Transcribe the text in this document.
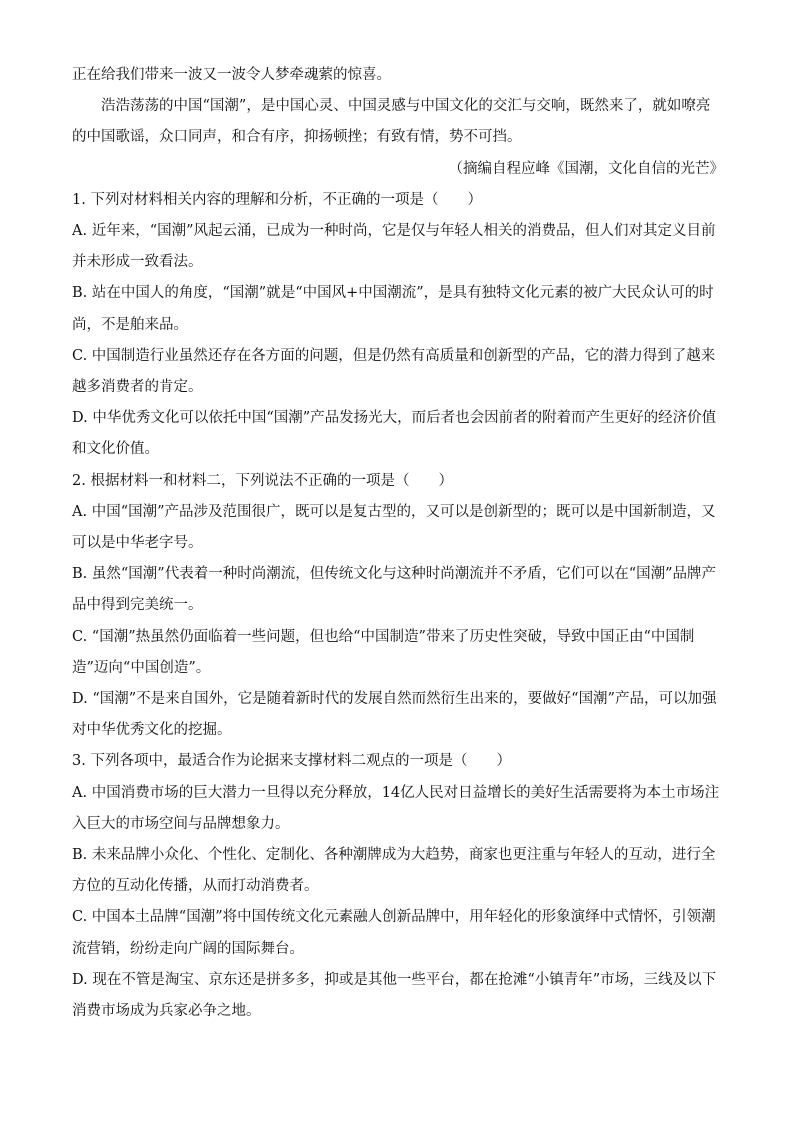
正在给我们带来一波又一波令人梦牵魂萦的惊喜。

浩浩荡荡的中国“国潮”，是中国心灵、中国灵感与中国文化的交汇与交响，既然来了，就如嘹亮的中国歌谣，众口同声，和合有序，抑扬顿挫；有致有情，势不可挡。

（摘编自程应峰《国潮，文化自信的光芒》

1. 下列对材料相关内容的理解和分析，不正确的一项是（　　）

A. 近年来，“国潮”风起云涌，已成为一种时尚，它是仅与年轻人相关的消费品，但人们对其定义目前并未形成一致看法。

B. 站在中国人的角度，“国潮”就是“中国风+中国潮流”，是具有独特文化元素的被广大民众认可的时尚，不是舶来品。

C. 中国制造行业虽然还存在各方面的问题，但是仍然有高质量和创新型的产品，它的潜力得到了越来越多消费者的肯定。

D. 中华优秀文化可以依托中国“国潮”产品发扬光大，而后者也会因前者的附着而产生更好的经济价值和文化价值。

2. 根据材料一和材料二，下列说法不正确的一项是（　　）

A. 中国“国潮”产品涉及范围很广，既可以是复古型的，又可以是创新型的；既可以是中国新制造，又可以是中华老字号。

B. 虽然“国潮”代表着一种时尚潮流，但传统文化与这种时尚潮流并不矛盾，它们可以在“国潮”品牌产品中得到完美统一。

C. “国潮”热虽然仍面临着一些问题，但也给“中国制造”带来了历史性突破，导致中国正由“中国制造”迈向“中国创造”。

D. “国潮”不是来自国外，它是随着新时代的发展自然而然衍生出来的，要做好“国潮”产品，可以加强对中华优秀文化的挖掘。

3. 下列各项中，最适合作为论据来支撑材料二观点的一项是（　　）

A. 中国消费市场的巨大潜力一旦得以充分释放，14亿人民对日益增长的美好生活需要将为本土市场注入巨大的市场空间与品牌想象力。

B. 未来品牌小众化、个性化、定制化、各种潮牌成为大趋势，商家也更注重与年轻人的互动，进行全方位的互动化传播，从而打动消费者。

C. 中国本土品牌“国潮”将中国传统文化元素融人创新品牌中，用年轻化的形象演绎中式情怀，引领潮流营销，纷纷走向广阔的国际舞台。

D. 现在不管是淘宝、京东还是拼多多，抑或是其他一些平台，都在抢滩“小镇青年”市场，三线及以下消费市场成为兵家必争之地。
